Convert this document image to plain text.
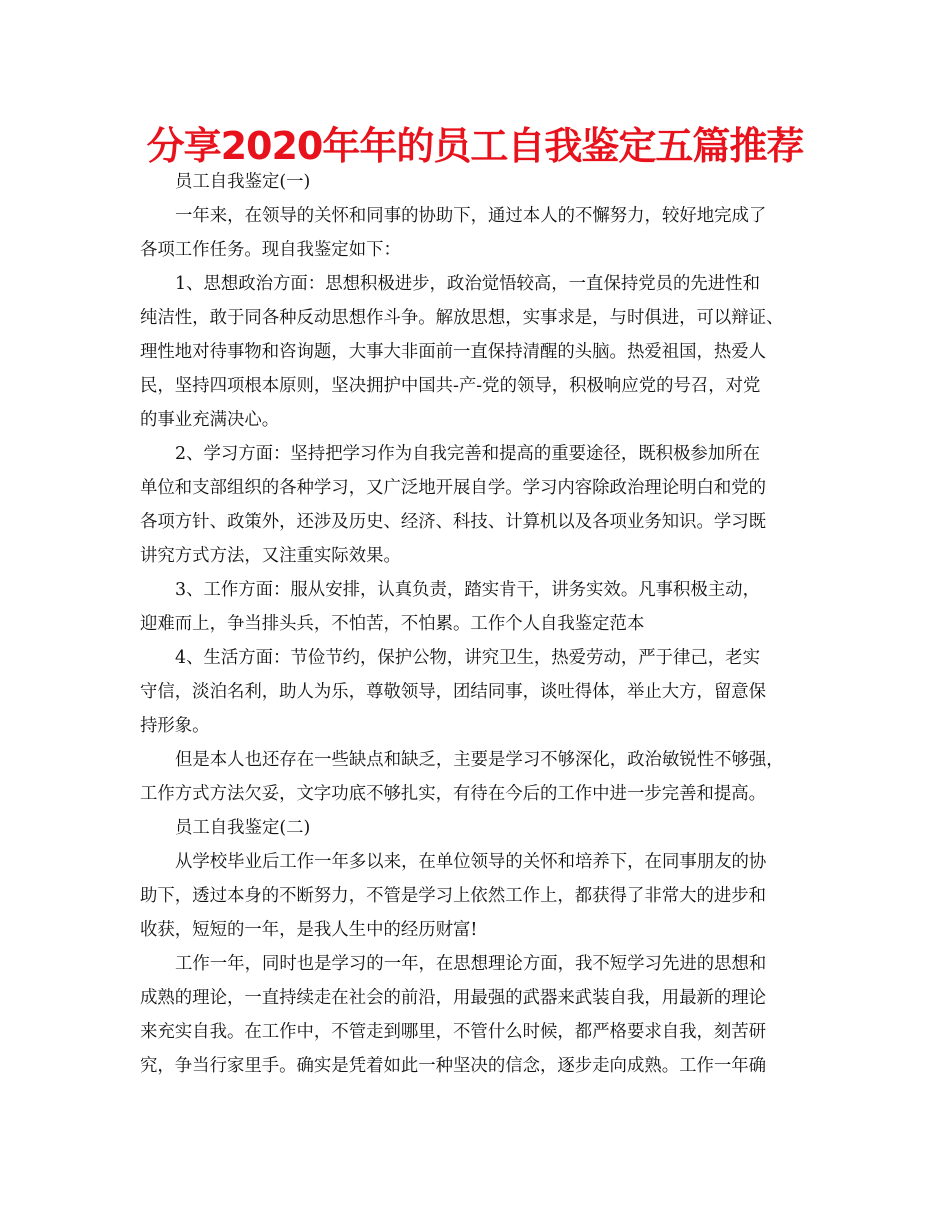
分享2020年年的员工自我鉴定五篇推荐
员工自我鉴定(一)
一年来，在领导的关怀和同事的协助下，通过本人的不懈努力，较好地完成了
各项工作任务。现自我鉴定如下：
1、思想政治方面：思想积极进步，政治觉悟较高，一直保持党员的先进性和
纯洁性，敢于同各种反动思想作斗争。解放思想，实事求是，与时俱进，可以辩证、
理性地对待事物和咨询题，大事大非面前一直保持清醒的头脑。热爱祖国，热爱人
民，坚持四项根本原则，坚决拥护中国共-产-党的领导，积极响应党的号召，对党
的事业充满决心。
2、学习方面：坚持把学习作为自我完善和提高的重要途径，既积极参加所在
单位和支部组织的各种学习，又广泛地开展自学。学习内容除政治理论明白和党的
各项方针、政策外，还涉及历史、经济、科技、计算机以及各项业务知识。学习既
讲究方式方法，又注重实际效果。
3、工作方面：服从安排，认真负责，踏实肯干，讲务实效。凡事积极主动，
迎难而上，争当排头兵，不怕苦，不怕累。工作个人自我鉴定范本
4、生活方面：节俭节约，保护公物，讲究卫生，热爱劳动，严于律己，老实
守信，淡泊名利，助人为乐，尊敬领导，团结同事，谈吐得体，举止大方，留意保
持形象。
但是本人也还存在一些缺点和缺乏，主要是学习不够深化，政治敏锐性不够强，
工作方式方法欠妥，文字功底不够扎实，有待在今后的工作中进一步完善和提高。
员工自我鉴定(二)
从学校毕业后工作一年多以来，在单位领导的关怀和培养下，在同事朋友的协
助下，透过本身的不断努力，不管是学习上依然工作上，都获得了非常大的进步和
收获，短短的一年，是我人生中的经历财富!
工作一年，同时也是学习的一年，在思想理论方面，我不短学习先进的思想和
成熟的理论，一直持续走在社会的前沿，用最强的武器来武装自我，用最新的理论
来充实自我。在工作中，不管走到哪里，不管什么时候，都严格要求自我，刻苦研
究，争当行家里手。确实是凭着如此一种坚决的信念，逐步走向成熟。工作一年确
